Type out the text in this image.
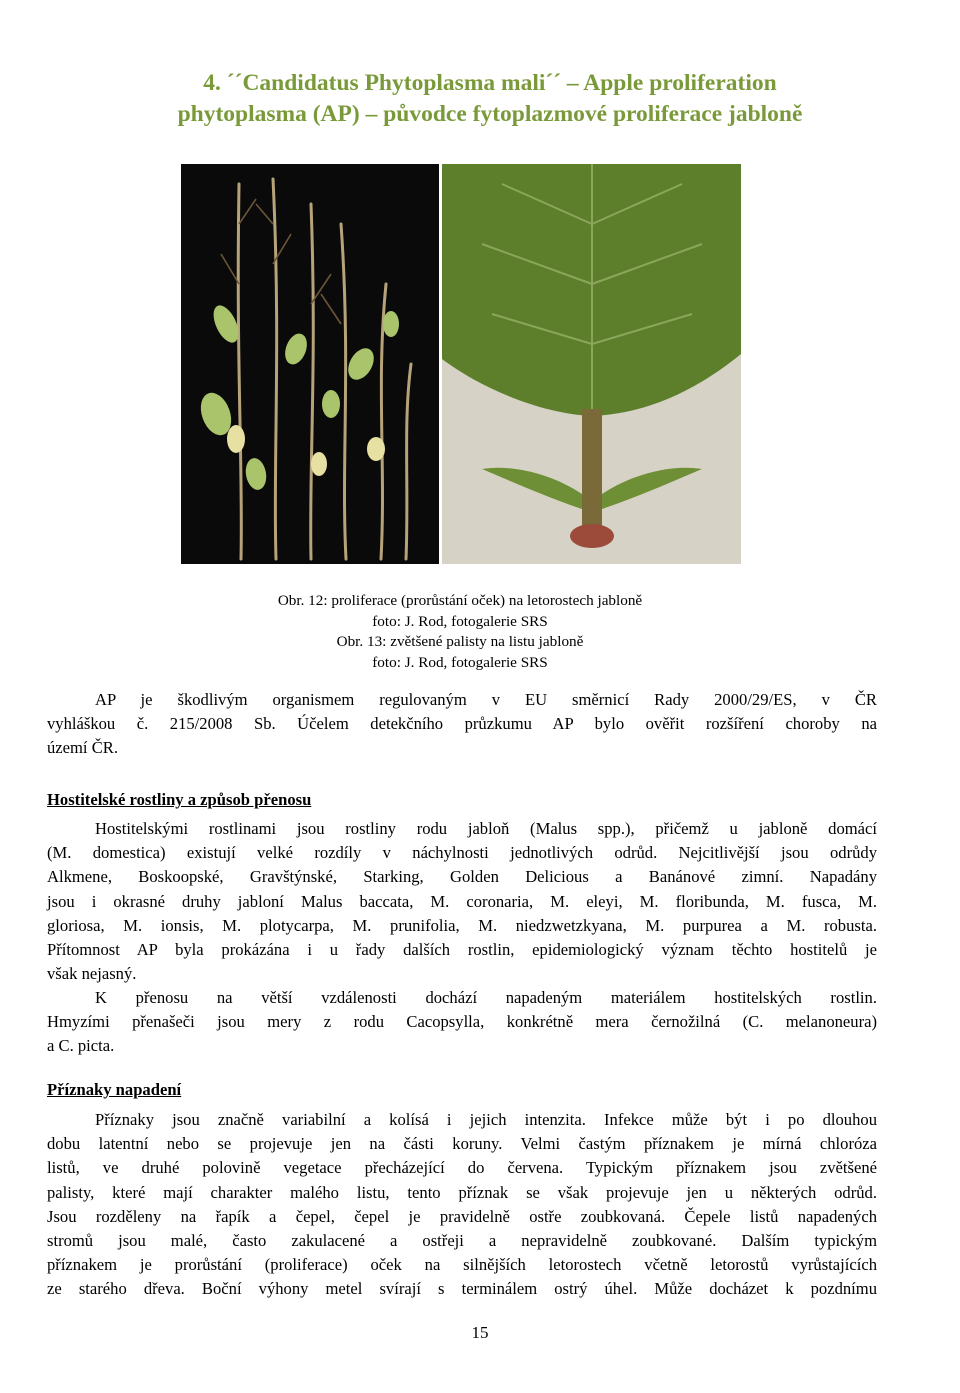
4. ´´Candidatus Phytoplasma mali´´ – Apple proliferation
phytoplasma (AP) – původce fytoplazmové proliferace jabloně
Obr. 12: proliferace (prorůstání oček) na letorostech jabloně
foto: J. Rod, fotogalerie SRS
Obr. 13: zvětšené palisty na listu jabloně
foto: J. Rod, fotogalerie SRS
AP je škodlivým organismem regulovaným v EU směrnicí Rady 2000/29/ES, v ČR
vyhláškou č. 215/2008 Sb. Účelem detekčního průzkumu AP bylo ověřit rozšíření choroby na
území ČR.
Hostitelské rostliny a způsob přenosu
Hostitelskými rostlinami jsou rostliny rodu jabloň (Malus spp.), přičemž u jabloně domácí
(M. domestica) existují velké rozdíly v náchylnosti jednotlivých odrůd. Nejcitlivější jsou odrůdy
Alkmene, Boskoopské, Gravštýnské, Starking, Golden Delicious a Banánové zimní. Napadány
jsou i okrasné druhy jabloní Malus baccata, M. coronaria, M. eleyi, M. floribunda, M. fusca, M.
gloriosa, M. ionsis, M. plotycarpa, M. prunifolia, M. niedzwetzkyana, M. purpurea a M. robusta.
Přítomnost AP byla prokázána i u řady dalších rostlin, epidemiologický význam těchto hostitelů je
však nejasný.
K přenosu na větší vzdálenosti dochází napadeným materiálem hostitelských rostlin.
Hmyzími přenašeči jsou mery z rodu Cacopsylla, konkrétně mera černožilná (C. melanoneura)
a C. picta.
Příznaky napadení
Příznaky jsou značně variabilní a kolísá i jejich intenzita. Infekce může být i po dlouhou
dobu latentní nebo se projevuje jen na části koruny. Velmi častým příznakem je mírná chloróza
listů, ve druhé polovině vegetace přecházející do červena. Typickým příznakem jsou zvětšené
palisty, které mají charakter malého listu, tento příznak se však projevuje jen u některých odrůd.
Jsou rozděleny na řapík a čepel, čepel je pravidelně ostře zoubkovaná. Čepele listů napadených
stromů jsou malé, často zakulacené a ostřeji a nepravidelně zoubkované. Dalším typickým
příznakem je prorůstání (proliferace) oček na silnějších letorostech včetně letorostů vyrůstajících
ze starého dřeva. Boční výhony metel svírají s terminálem ostrý úhel. Může docházet k pozdnímu
15
